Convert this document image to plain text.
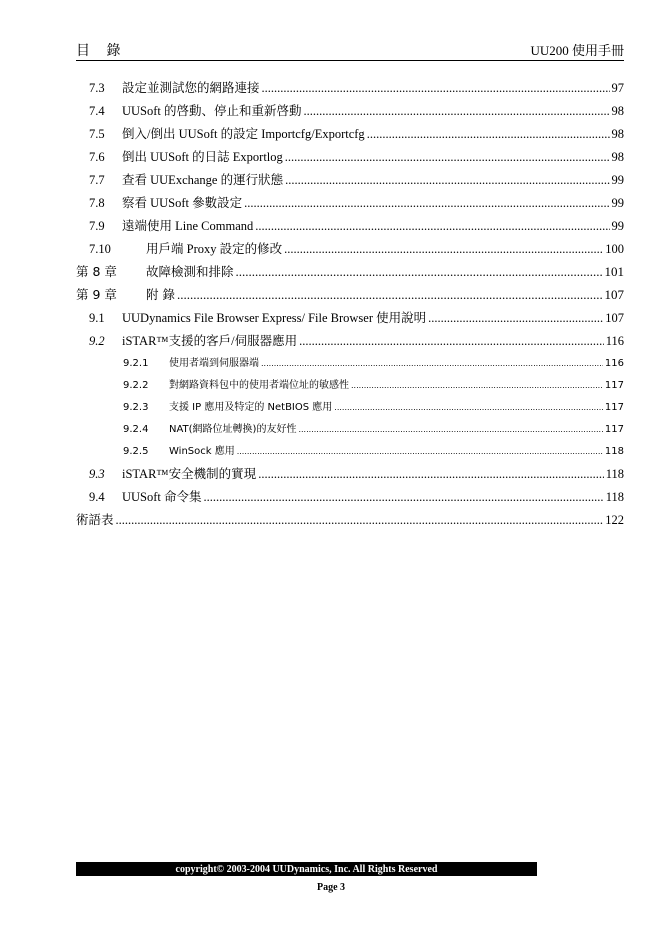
目 錄	UU200 使用手冊
7.3	設定並測試您的網路連接 .....	97
7.4	UUSoft 的啓動、停止和重新啓動 .....	98
7.5	倒入/倒出 UUSoft 的設定 Importcfg/Exportcfg .....	98
7.6	倒出 UUSoft 的日誌 Exportlog .....	98
7.7	查看 UUExchange 的運行狀態 .....	99
7.8	察看 UUSoft 參數設定 .....	99
7.9	遠端使用 Line Command .....	99
7.10	用戶端 Proxy 設定的修改 .....	100
第 8 章	故障檢測和排除 .....	101
第 9 章	附 錄 .....	107
9.1	UUDynamics File Browser Express/ File Browser 使用說明 .....	107
9.2	iSTAR™支援的客戶/伺服器應用 .....	116
9.2.1	使用者端到伺服器端 .....	116
9.2.2	對網路資料包中的使用者端位址的敏感性 .....	117
9.2.3	支援 IP 應用及特定的 NetBIOS 應用 .....	117
9.2.4	NAT(網路位址轉換)的友好性 .....	117
9.2.5	WinSock 應用 .....	118
9.3	iSTAR™安全機制的實現 .....	118
9.4	UUSoft 命令集 .....	118
術語表 .....	122
copyright© 2003-2004 UUDynamics, Inc. All Rights Reserved
Page 3
